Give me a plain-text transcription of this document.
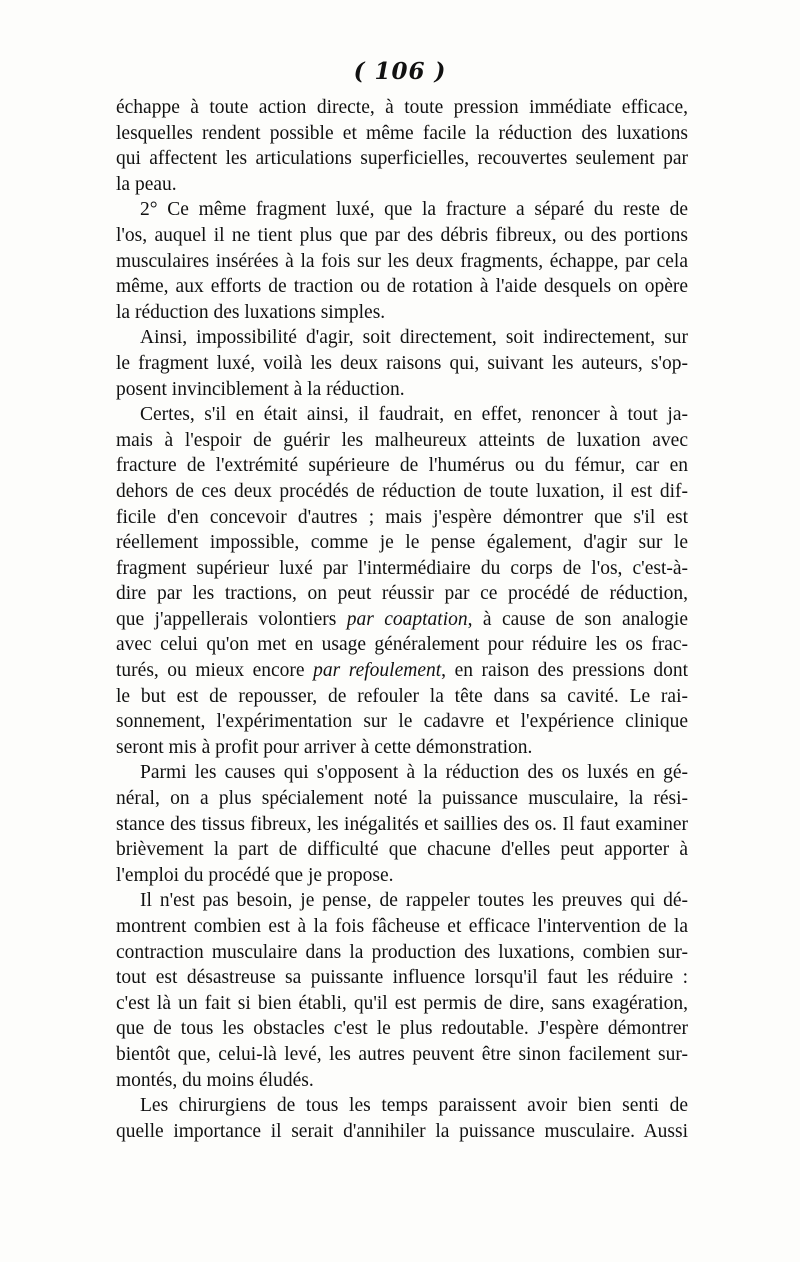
( 106 )
échappe à toute action directe, à toute pression immédiate efficace,
lesquelles rendent possible et même facile la réduction des luxations
qui affectent les articulations superficielles, recouvertes seulement par
la peau.
2° Ce même fragment luxé, que la fracture a séparé du reste de
l'os, auquel il ne tient plus que par des débris fibreux, ou des portions
musculaires insérées à la fois sur les deux fragments, échappe, par cela
même, aux efforts de traction ou de rotation à l'aide desquels on opère
la réduction des luxations simples.
Ainsi, impossibilité d'agir, soit directement, soit indirectement, sur
le fragment luxé, voilà les deux raisons qui, suivant les auteurs, s'op-
posent invinciblement à la réduction.
Certes, s'il en était ainsi, il faudrait, en effet, renoncer à tout ja-
mais à l'espoir de guérir les malheureux atteints de luxation avec
fracture de l'extrémité supérieure de l'humérus ou du fémur, car en
dehors de ces deux procédés de réduction de toute luxation, il est dif-
ficile d'en concevoir d'autres ; mais j'espère démontrer que s'il est
réellement impossible, comme je le pense également, d'agir sur le
fragment supérieur luxé par l'intermédiaire du corps de l'os, c'est-à-
dire par les tractions, on peut réussir par ce procédé de réduction,
que j'appellerais volontiers par coaptation, à cause de son analogie
avec celui qu'on met en usage généralement pour réduire les os frac-
turés, ou mieux encore par refoulement, en raison des pressions dont
le but est de repousser, de refouler la tête dans sa cavité. Le rai-
sonnement, l'expérimentation sur le cadavre et l'expérience clinique
seront mis à profit pour arriver à cette démonstration.
Parmi les causes qui s'opposent à la réduction des os luxés en gé-
néral, on a plus spécialement noté la puissance musculaire, la rési-
stance des tissus fibreux, les inégalités et saillies des os. Il faut examiner
brièvement la part de difficulté que chacune d'elles peut apporter à
l'emploi du procédé que je propose.
Il n'est pas besoin, je pense, de rappeler toutes les preuves qui dé-
montrent combien est à la fois fâcheuse et efficace l'intervention de la
contraction musculaire dans la production des luxations, combien sur-
tout est désastreuse sa puissante influence lorsqu'il faut les réduire :
c'est là un fait si bien établi, qu'il est permis de dire, sans exagération,
que de tous les obstacles c'est le plus redoutable. J'espère démontrer
bientôt que, celui-là levé, les autres peuvent être sinon facilement sur-
montés, du moins éludés.
Les chirurgiens de tous les temps paraissent avoir bien senti de
quelle importance il serait d'annihiler la puissance musculaire. Aussi
